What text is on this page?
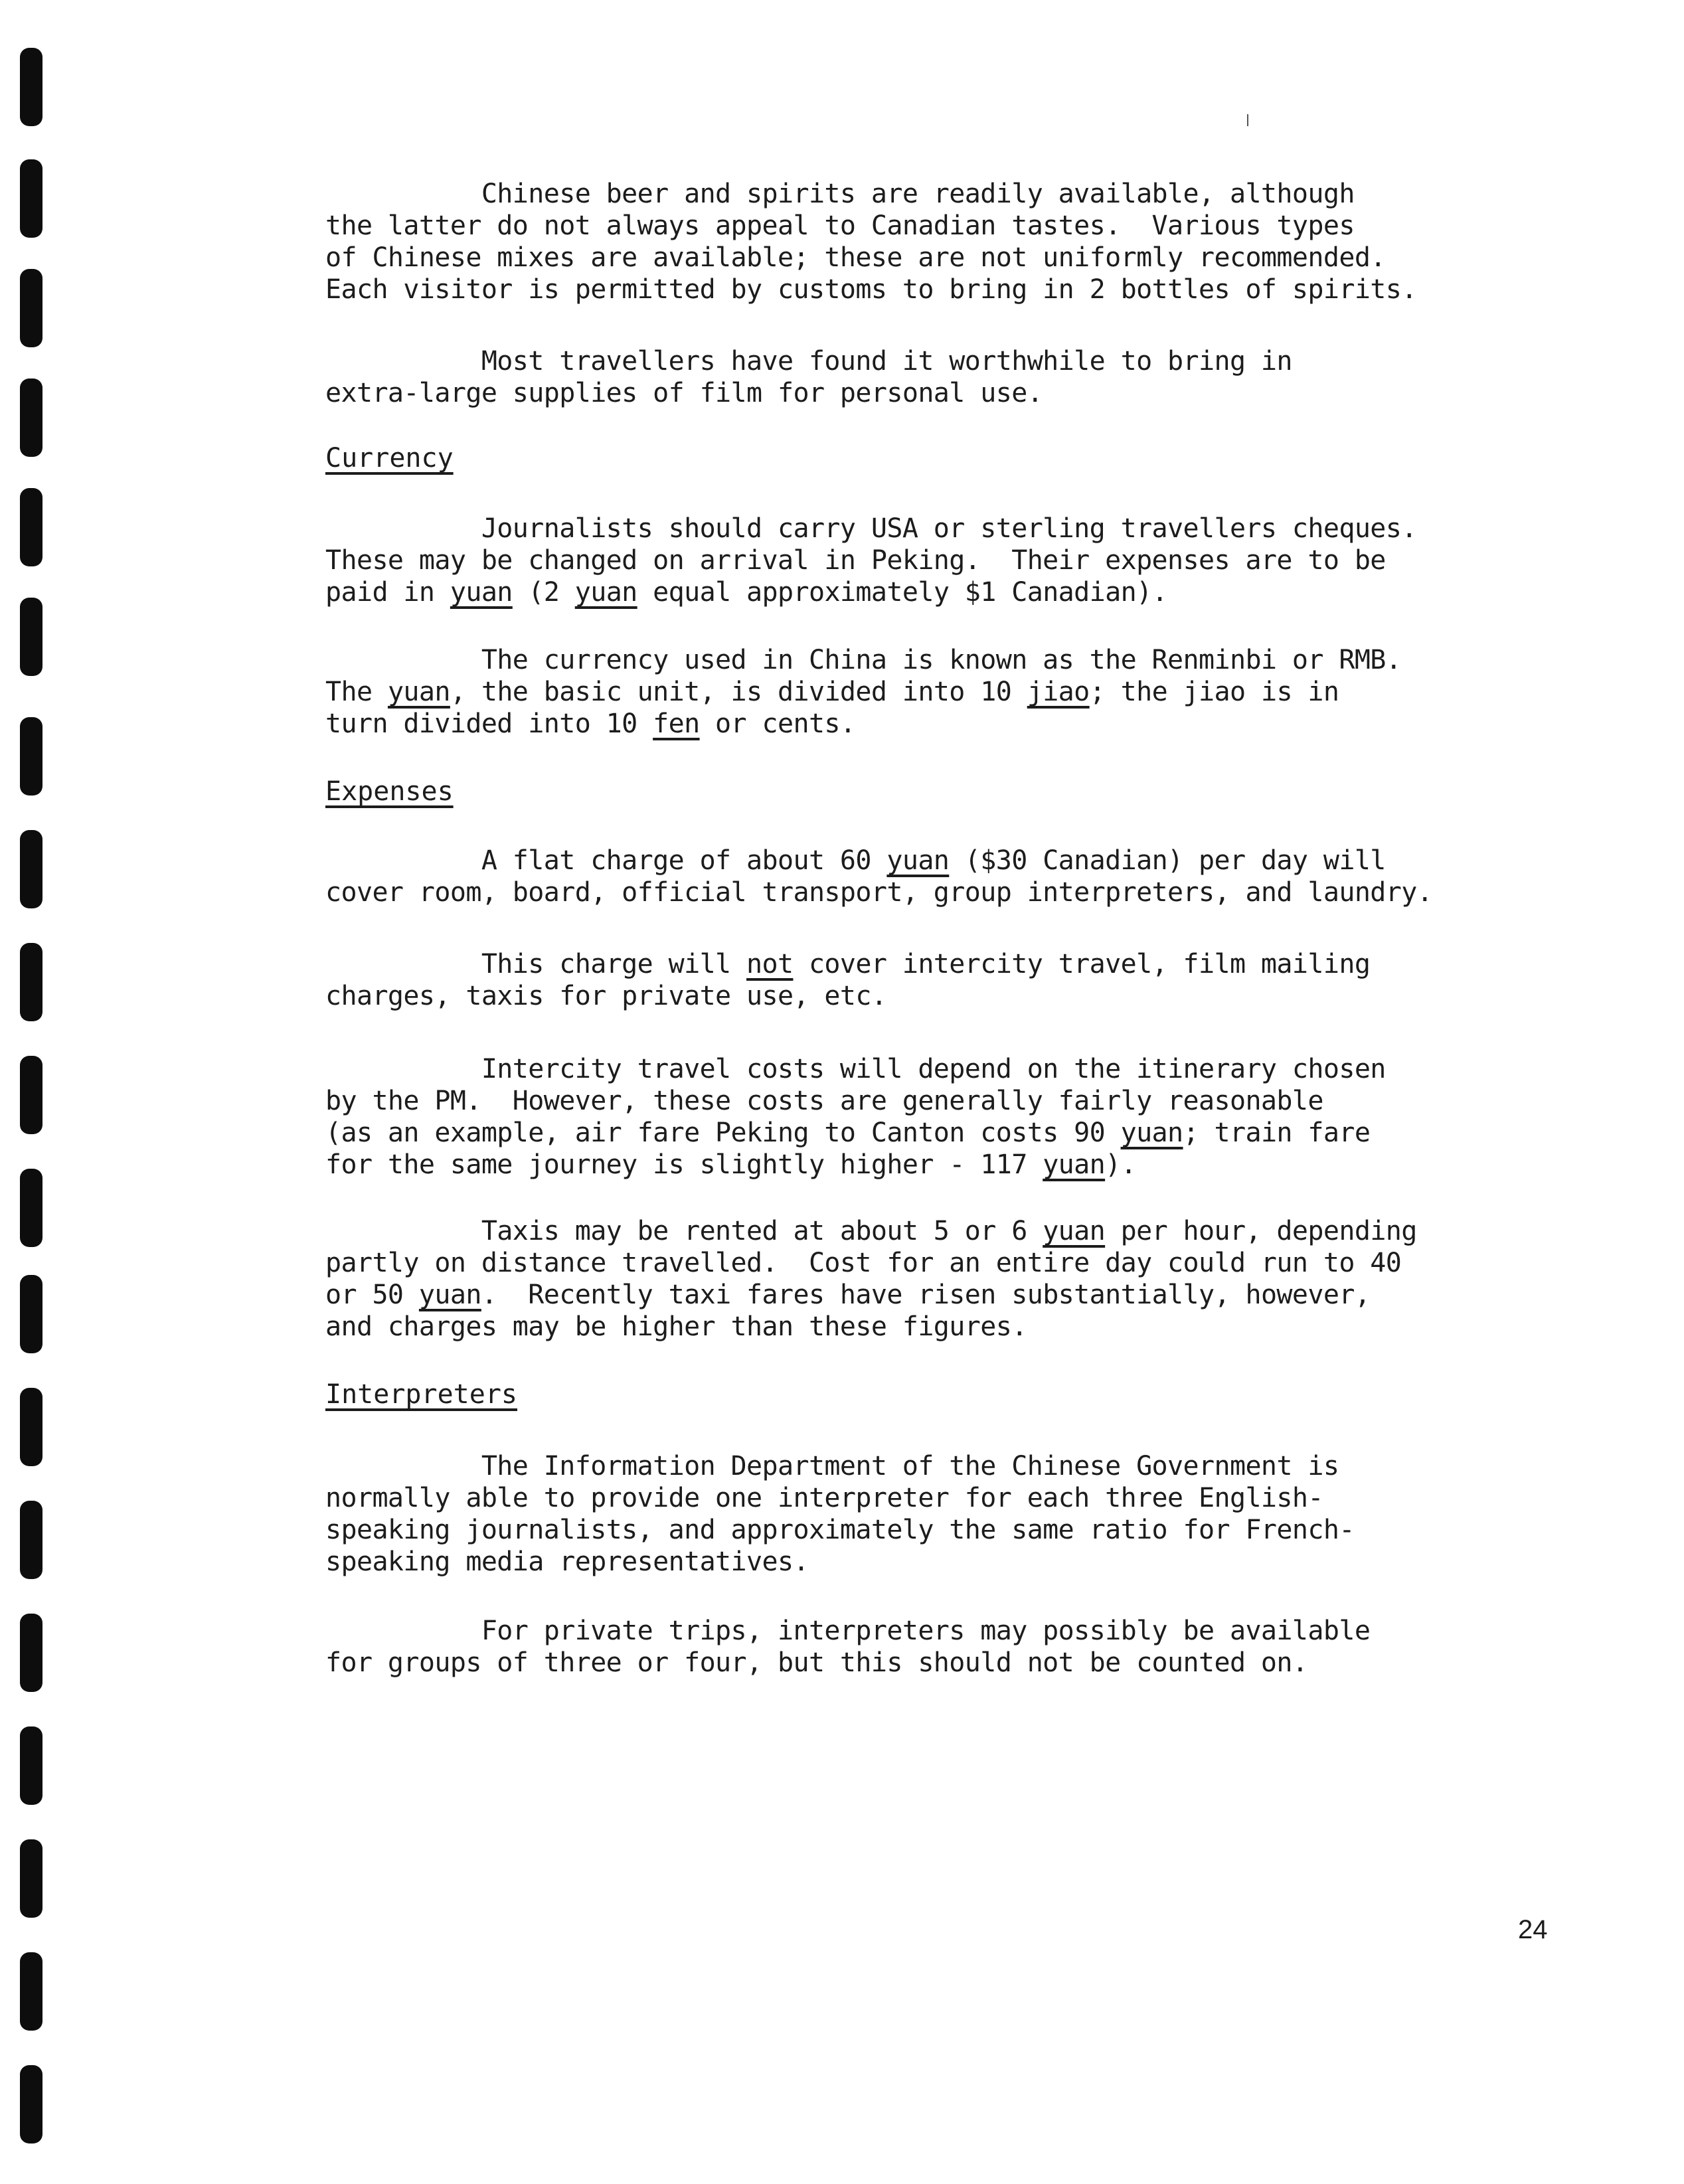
Chinese beer and spirits are readily available, although
the latter do not always appeal to Canadian tastes.  Various types
of Chinese mixes are available; these are not uniformly recommended.
Each visitor is permitted by customs to bring in 2 bottles of spirits.
Most travellers have found it worthwhile to bring in
extra-large supplies of film for personal use.
Currency
Journalists should carry USA or sterling travellers cheques.
These may be changed on arrival in Peking.  Their expenses are to be
paid in yuan (2 yuan equal approximately $1 Canadian).
The currency used in China is known as the Renminbi or RMB.
The yuan, the basic unit, is divided into 10 jiao; the jiao is in
turn divided into 10 fen or cents.
Expenses
A flat charge of about 60 yuan ($30 Canadian) per day will
cover room, board, official transport, group interpreters, and laundry.
This charge will not cover intercity travel, film mailing
charges, taxis for private use, etc.
Intercity travel costs will depend on the itinerary chosen
by the PM.  However, these costs are generally fairly reasonable
(as an example, air fare Peking to Canton costs 90 yuan; train fare
for the same journey is slightly higher - 117 yuan).
Taxis may be rented at about 5 or 6 yuan per hour, depending
partly on distance travelled.  Cost for an entire day could run to 40
or 50 yuan.  Recently taxi fares have risen substantially, however,
and charges may be higher than these figures.
Interpreters
The Information Department of the Chinese Government is
normally able to provide one interpreter for each three English-
speaking journalists, and approximately the same ratio for French-
speaking media representatives.
For private trips, interpreters may possibly be available
for groups of three or four, but this should not be counted on.
24
